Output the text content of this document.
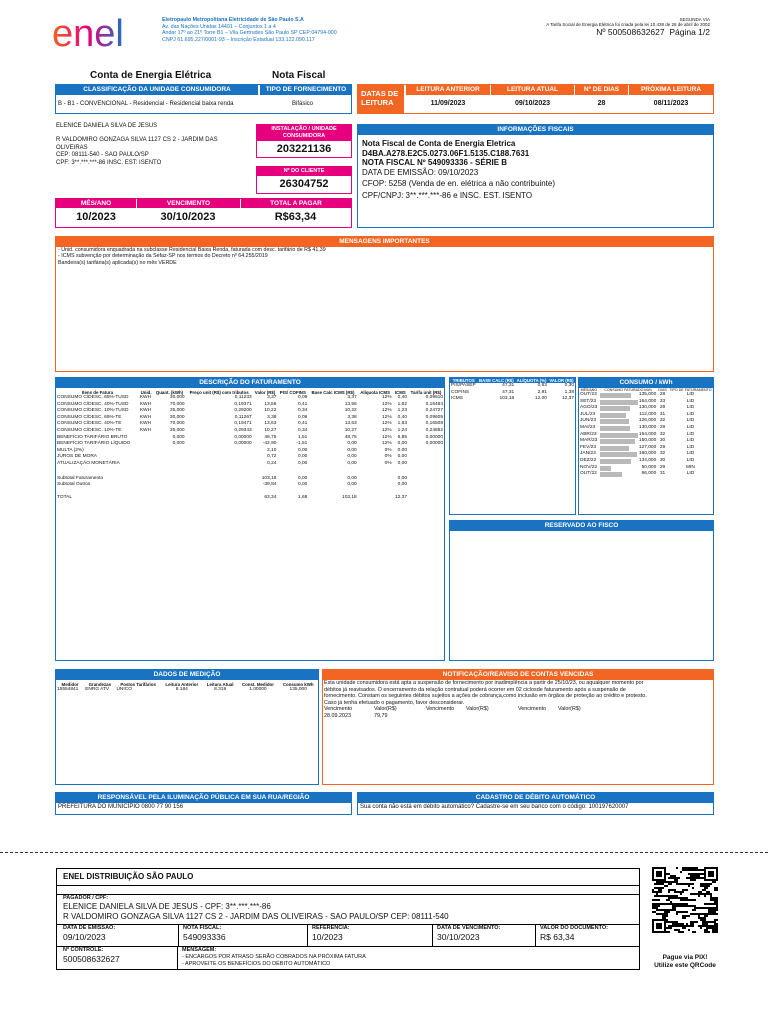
enel	Eletropaulo Metropolitana Eletricidade de São Paulo S.A
Av. das Nações Unidas 14401 – Conjuntos 1 a 4
Andar 17º ao 21º Torre B1 – Vila Gertrudes São Paulo SP CEP:04794-000
CNPJ 61.695.227/0001-93 – Inscrição Estadual 133.122.090.117
SEGUNDA VIA
A Tarifa Social de Energia Elétrica foi criada pela lei 10.438 de 26 de abril de 2002
Nº 500508632627 Página 1/2
Conta de Energia Elétrica	Nota Fiscal
CLASSIFICAÇÃO DA UNIDADE CONSUMIDORA	TIPO DE FORNECIMENTO
B - B1 - CONVENCIONAL - Residencial - Residencial baixa renda	Bifásico
DATAS DE LEITURA
LEITURA ANTERIOR
11/09/2023
LEITURA ATUAL
09/10/2023
Nº DE DIAS
28
PRÓXIMA LEITURA
08/11/2023
ELENICE DANIELA SILVA DE JESUS
R VALDOMIRO GONZAGA SILVA 1127 CS 2 - JARDIM DAS
OLIVEIRAS
CEP: 08111-540 - SAO PAULO/SP
CPF: 3**.***.***-86 INSC. EST: ISENTO
INSTALAÇÃO / UNIDADE CONSUMIDORA
203221136
Nº DO CLIENTE
26304752
INFORMAÇÕES FISCAIS
Nota Fiscal de Conta de Energia Eletrica
D4BA.A278.E2C5.0273.06F1.5135.C188.7631
NOTA FISCAL Nº 549093336 - SÉRIE B
DATA DE EMISSÃO: 09/10/2023
CFOP: 5258 (Venda de en. elétrica a não contribuinte)
CPF/CNPJ: 3**.***.***-86 e INSC. EST. ISENTO
MÊS/ANO	VENCIMENTO	TOTAL A PAGAR
10/2023	30/10/2023	R$63,34
MENSAGENS IMPORTANTES
- Unid. consumidora enquadrada na subclasse Residencial Baixa Renda, faturada com desc. tarifário de R$ 41,39
- ICMS subvenção por determinação da Sefaz-SP nos termos do Decreto nº 64.255/2019
Bandeira(s) tarifária(s) aplicada(s) no mês VERDE
DESCRIÇÃO DO FATURAMENTO
Itens de Fatura	Unid.	Quant. (kWh)	Preço unit (R$) com tributos	Valor (R$)	PIS/ COFINS	Base Calc ICMS (R$)	Alíquota ICMS	ICMS	Tarifa unit (R$)
CONSUMO C/DESC. 65%-TUSD	KWH	30,000	0,11233	3,37	0,09	3,37	12%	0,40	0,09610
CONSUMO C/DESC. 40%-TUSD	KWH	70,000	0,19371	13,56	0,41	13,56	12%	1,62	0,16484
CONSUMO C/DESC. 10%-TUSD	KWH	35,000	0,29200	10,22	0,34	10,22	12%	1,23	0,24727
CONSUMO C/DESC. 65%-TE	KWH	30,000	0,11267	3,38	0,09	3,38	12%	0,40	0,09605
CONSUMO C/DESC. 40%-TE	KWH	70,000	0,19471	13,63	0,41	13,63	12%	1,63	0,16508
CONSUMO C/DESC. 10%-TE	KWH	35,000	0,29343	10,27	0,34	10,27	12%	1,24	0,24852
BENEFÍCIO TARIFÁRIO BRUTO		0,000	0,00000	48,75	1,51	48,75	12%	5,85	0,00000
BENEFÍCIO TARIFÁRIO LÍQUIDO		0,000	0,00000	-42,90	-1,51	0,00	12%	0,00	0,00000
MULTA (2%)				2,10	0,00	0,00	0%	0,00	
JUROS DE MORA				0,72	0,00	0,00	0%	0,00	
ATUALIZAÇÃO MONETÁRIA				0,24	0,00	0,00	0%	0,00	

Subtotal Faturamento				103,18	0,00	0,00		0,00	
Subtotal Outros				-39,84	0,00	0,00		0,00	

TOTAL				63,34	1,68	103,18		12,37	
TRIBUTOS	BASE CALC (R$)	ALÍQUOTA (%)	VALOR (R$)
PIS/PASEP	47,31	0,63	0,30
COFINS	47,31	2,91	1,38
ICMS	103,18	12,00	12,37
CONSUMO / kWh
MÊS/ANO	CONSUMO FATURADO kWh	DIAS	TIPO DE FATURAMENTO
OUT/23	135,000	28	LID
SET/23	164,000	33	LID
AGO/23	130,000	29	LID
JUL/23	112,000	31	LID
JUN/23	126,000	32	LID
MAI/23	130,000	29	LID
ABR/23	164,000	32	LID
MAR/23	150,000	30	LID
FEV/23	127,000	29	LID
JAN/23	160,000	32	LID
DEZ/22	134,000	30	LID
NOV/22	50,000	29	MIN
OUT/22	96,000	31	LID
RESERVADO AO FISCO
DADOS DE MEDIÇÃO
Medidor	Grandezas	Postos Tarifários	Leitura Anterior	Leitura Atual	Const. Medidor	Consumo kWh
15554841	ENRG ATV	ÚNICO	8.184	8.319	1.00000	135,000
NOTIFICAÇÃO/REAVISO DE CONTAS VENCIDAS
Esta unidade consumidora está apta a suspensão de fornecimento por inadimplência a partir de 25/10/23, ou aqualquer momento por
débitos já reavisados. O encerramento da relação contratual poderá ocorrer em 02 ciclosde faturamento após a suspensão de
fornecimento. Constam os seguintes débitos sujeitos a ações de cobrança,como inclusão em órgãos de proteção ao crédito e protesto.
Caso já tenha efetuado o pagamento, favor desconsiderar.
Vencimento	Valor(R$)	Vencimento	Valor(R$)	Vencimento	Valor(R$)
28.09.2023	79,79
RESPONSÁVEL PELA ILUMINAÇÃO PÚBLICA EM SUA RUA/REGIÃO
PREFEITURA DO MUNICÍPIO 0800 77 90 156
CADASTRO DE DÉBITO AUTOMÁTICO
Sua conta não está em débito automático? Cadastre-se em seu banco com o código: 100197620007
ENEL DISTRIBUIÇÃO SÃO PAULO
PAGADOR / CPF:
ELENICE DANIELA SILVA DE JESUS - CPF: 3**.***.***-86
R VALDOMIRO GONZAGA SILVA 1127 CS 2 - JARDIM DAS OLIVEIRAS - SAO PAULO/SP CEP: 08111-540
DATA DE EMISSÃO:
09/10/2023
NOTA FISCAL:
549093336
REFERÊNCIA:
10/2023
DATA DE VENCIMENTO:
30/10/2023
VALOR DO DOCUMENTO:
R$ 63,34
Nº CONTROLE:
500508632627
MENSAGEM:
- ENCARGOS POR ATRASO SERÃO COBRADOS NA PRÓXIMA FATURA
- APROVEITE OS BENEFÍCIOS DO DÉBITO AUTOMÁTICO
Pague via PIX!
Utilize este QRCode
